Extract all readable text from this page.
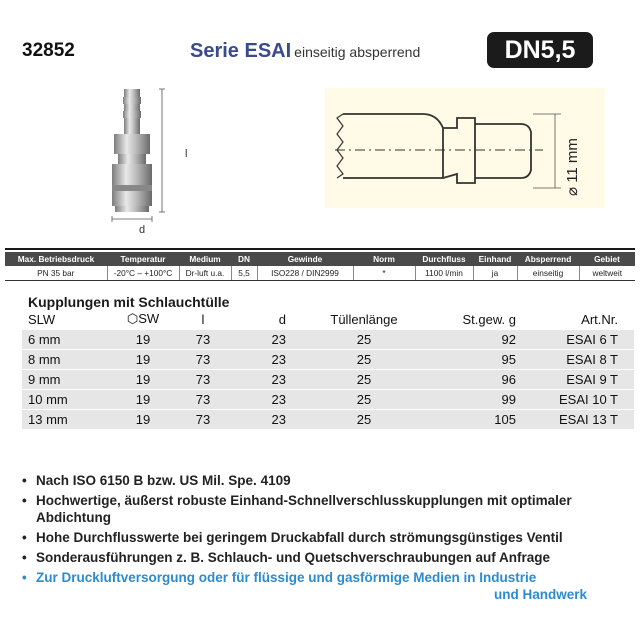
32852	Serie ESAI einseitig absperrend	DN5,5
l
d
⌀ 11 mm
Max. Betriebsdruck	Temperatur	Medium	DN	Gewinde	Norm	Durchfluss	Einhand	Absperrend	Gebiet
PN 35 bar	-20°C – +100°C	Dr-luft u.a.	5,5	ISO228 / DIN2999	*	1100 l/min	ja	einseitig	weltweit
Kupplungen mit Schlauchtülle
SLW	⬡SW	l	d	Tüllenlänge	St.gew. g	Art.Nr.
6 mm	19	73	23	25	92	ESAI 6 T
8 mm	19	73	23	25	95	ESAI 8 T
9 mm	19	73	23	25	96	ESAI 9 T
10 mm	19	73	23	25	99	ESAI 10 T
13 mm	19	73	23	25	105	ESAI 13 T
• Nach ISO 6150 B bzw. US Mil. Spe. 4109
• Hochwertige, äußerst robuste Einhand-Schnellverschlusskupplungen mit optimaler Abdichtung
• Hohe Durchflusswerte bei geringem Druckabfall durch strömungsgünstiges Ventil
• Sonderausführungen z. B. Schlauch- und Quetschverschraubungen auf Anfrage
• Zur Druckluftversorgung oder für flüssige und gasförmige Medien in Industrie
und Handwerk
